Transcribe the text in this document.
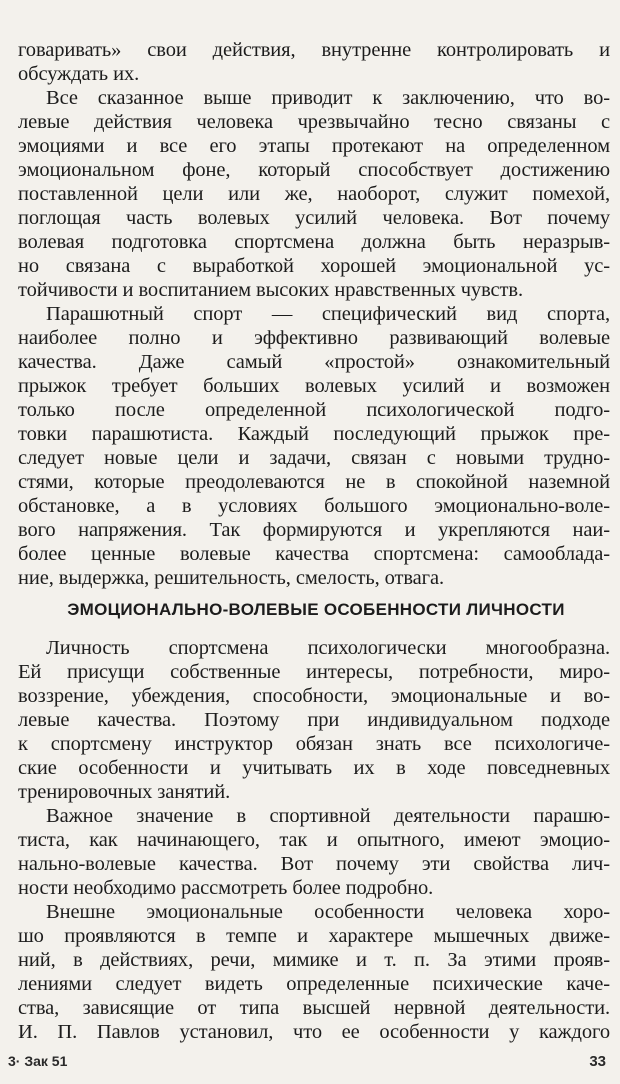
говаривать» свои действия, внутренне контролировать и
обсуждать их.
Все сказанное выше приводит к заключению, что во-
левые действия человека чрезвычайно тесно связаны с
эмоциями и все его этапы протекают на определенном
эмоциональном фоне, который способствует достижению
поставленной цели или же, наоборот, служит помехой,
поглощая часть волевых усилий человека. Вот почему
волевая подготовка спортсмена должна быть неразрыв-
но связана с выработкой хорошей эмоциональной ус-
тойчивости и воспитанием высоких нравственных чувств.
Парашютный спорт — специфический вид спорта,
наиболее полно и эффективно развивающий волевые
качества. Даже самый «простой» ознакомительный
прыжок требует больших волевых усилий и возможен
только после определенной психологической подго-
товки парашютиста. Каждый последующий прыжок пре-
следует новые цели и задачи, связан с новыми трудно-
стями, которые преодолеваются не в спокойной наземной
обстановке, а в условиях большого эмоционально-воле-
вого напряжения. Так формируются и укрепляются наи-
более ценные волевые качества спортсмена: самооблада-
ние, выдержка, решительность, смелость, отвага.
ЭМОЦИОНАЛЬНО-ВОЛЕВЫЕ ОСОБЕННОСТИ ЛИЧНОСТИ
Личность спортсмена психологически многообразна.
Ей присущи собственные интересы, потребности, миро-
воззрение, убеждения, способности, эмоциональные и во-
левые качества. Поэтому при индивидуальном подходе
к спортсмену инструктор обязан знать все психологиче-
ские особенности и учитывать их в ходе повседневных
тренировочных занятий.
Важное значение в спортивной деятельности парашю-
тиста, как начинающего, так и опытного, имеют эмоцио-
нально-волевые качества. Вот почему эти свойства лич-
ности необходимо рассмотреть более подробно.
Внешне эмоциональные особенности человека хоро-
шо проявляются в темпе и характере мышечных движе-
ний, в действиях, речи, мимике и т. п. За этими прояв-
лениями следует видеть определенные психические каче-
ства, зависящие от типа высшей нервной деятельности.
И. П. Павлов установил, что ее особенности у каждого
3· Зак 51	33
